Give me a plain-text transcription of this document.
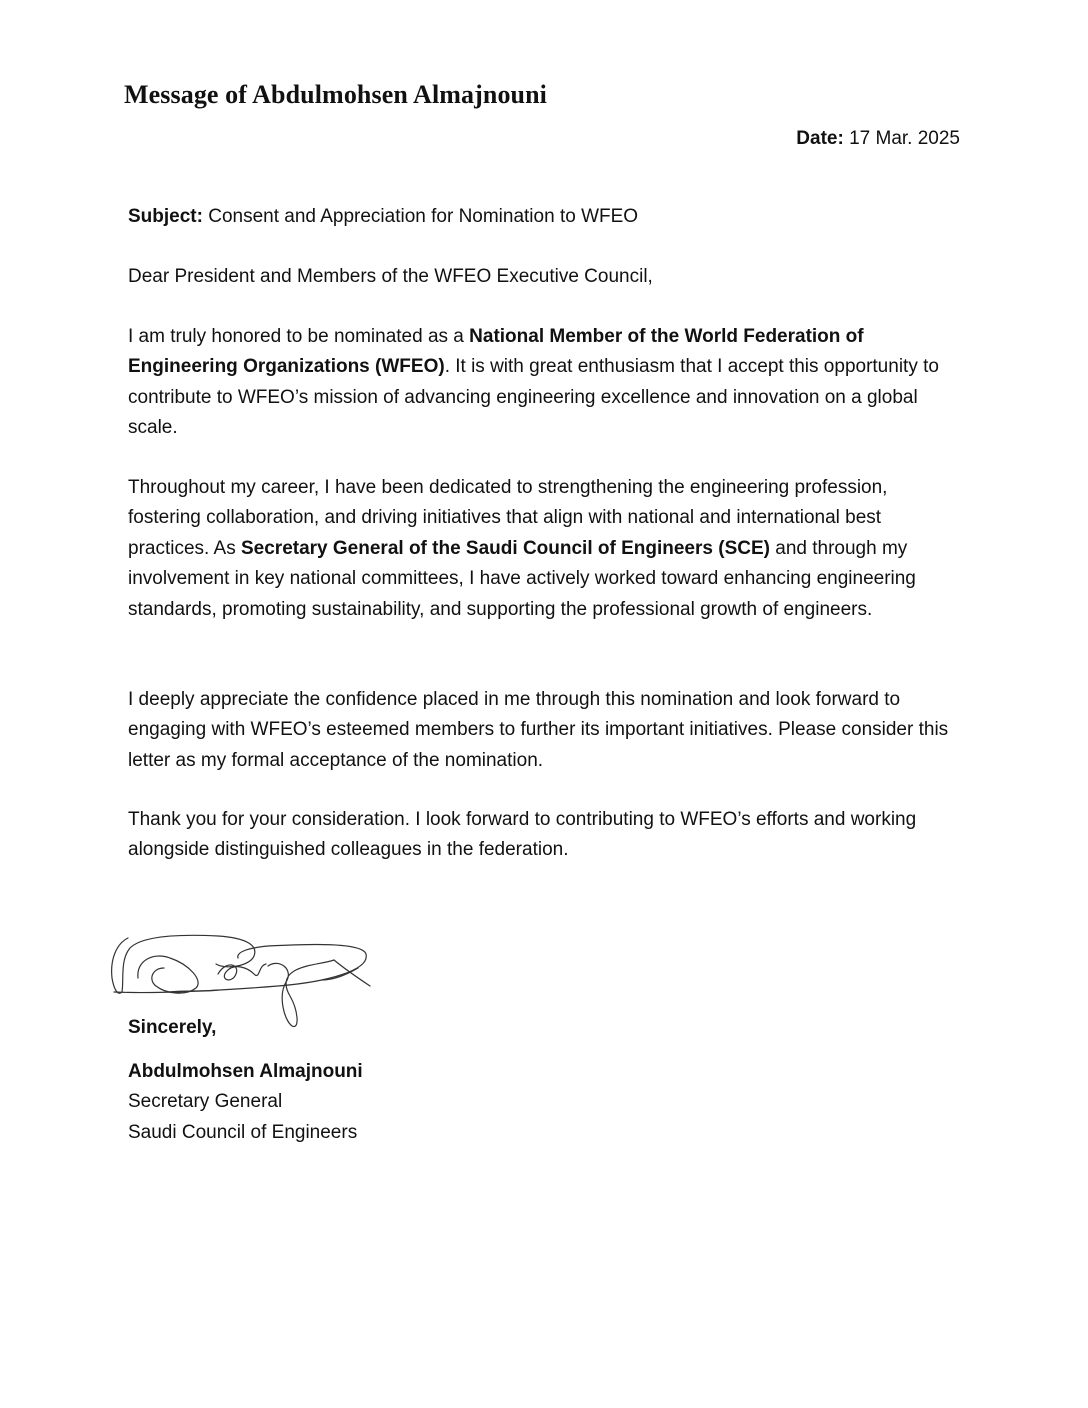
Message of Abdulmohsen Almajnouni
Date: 17 Mar. 2025

Subject: Consent and Appreciation for Nomination to WFEO

Dear President and Members of the WFEO Executive Council,

I am truly honored to be nominated as a National Member of the World Federation of Engineering Organizations (WFEO). It is with great enthusiasm that I accept this opportunity to contribute to WFEO’s mission of advancing engineering excellence and innovation on a global scale.

Throughout my career, I have been dedicated to strengthening the engineering profession, fostering collaboration, and driving initiatives that align with national and international best practices. As Secretary General of the Saudi Council of Engineers (SCE) and through my involvement in key national committees, I have actively worked toward enhancing engineering standards, promoting sustainability, and supporting the professional growth of engineers.

I deeply appreciate the confidence placed in me through this nomination and look forward to engaging with WFEO’s esteemed members to further its important initiatives. Please consider this letter as my formal acceptance of the nomination.

Thank you for your consideration. I look forward to contributing to WFEO’s efforts and working alongside distinguished colleagues in the federation.

Sincerely,
Abdulmohsen Almajnouni
Secretary General
Saudi Council of Engineers
